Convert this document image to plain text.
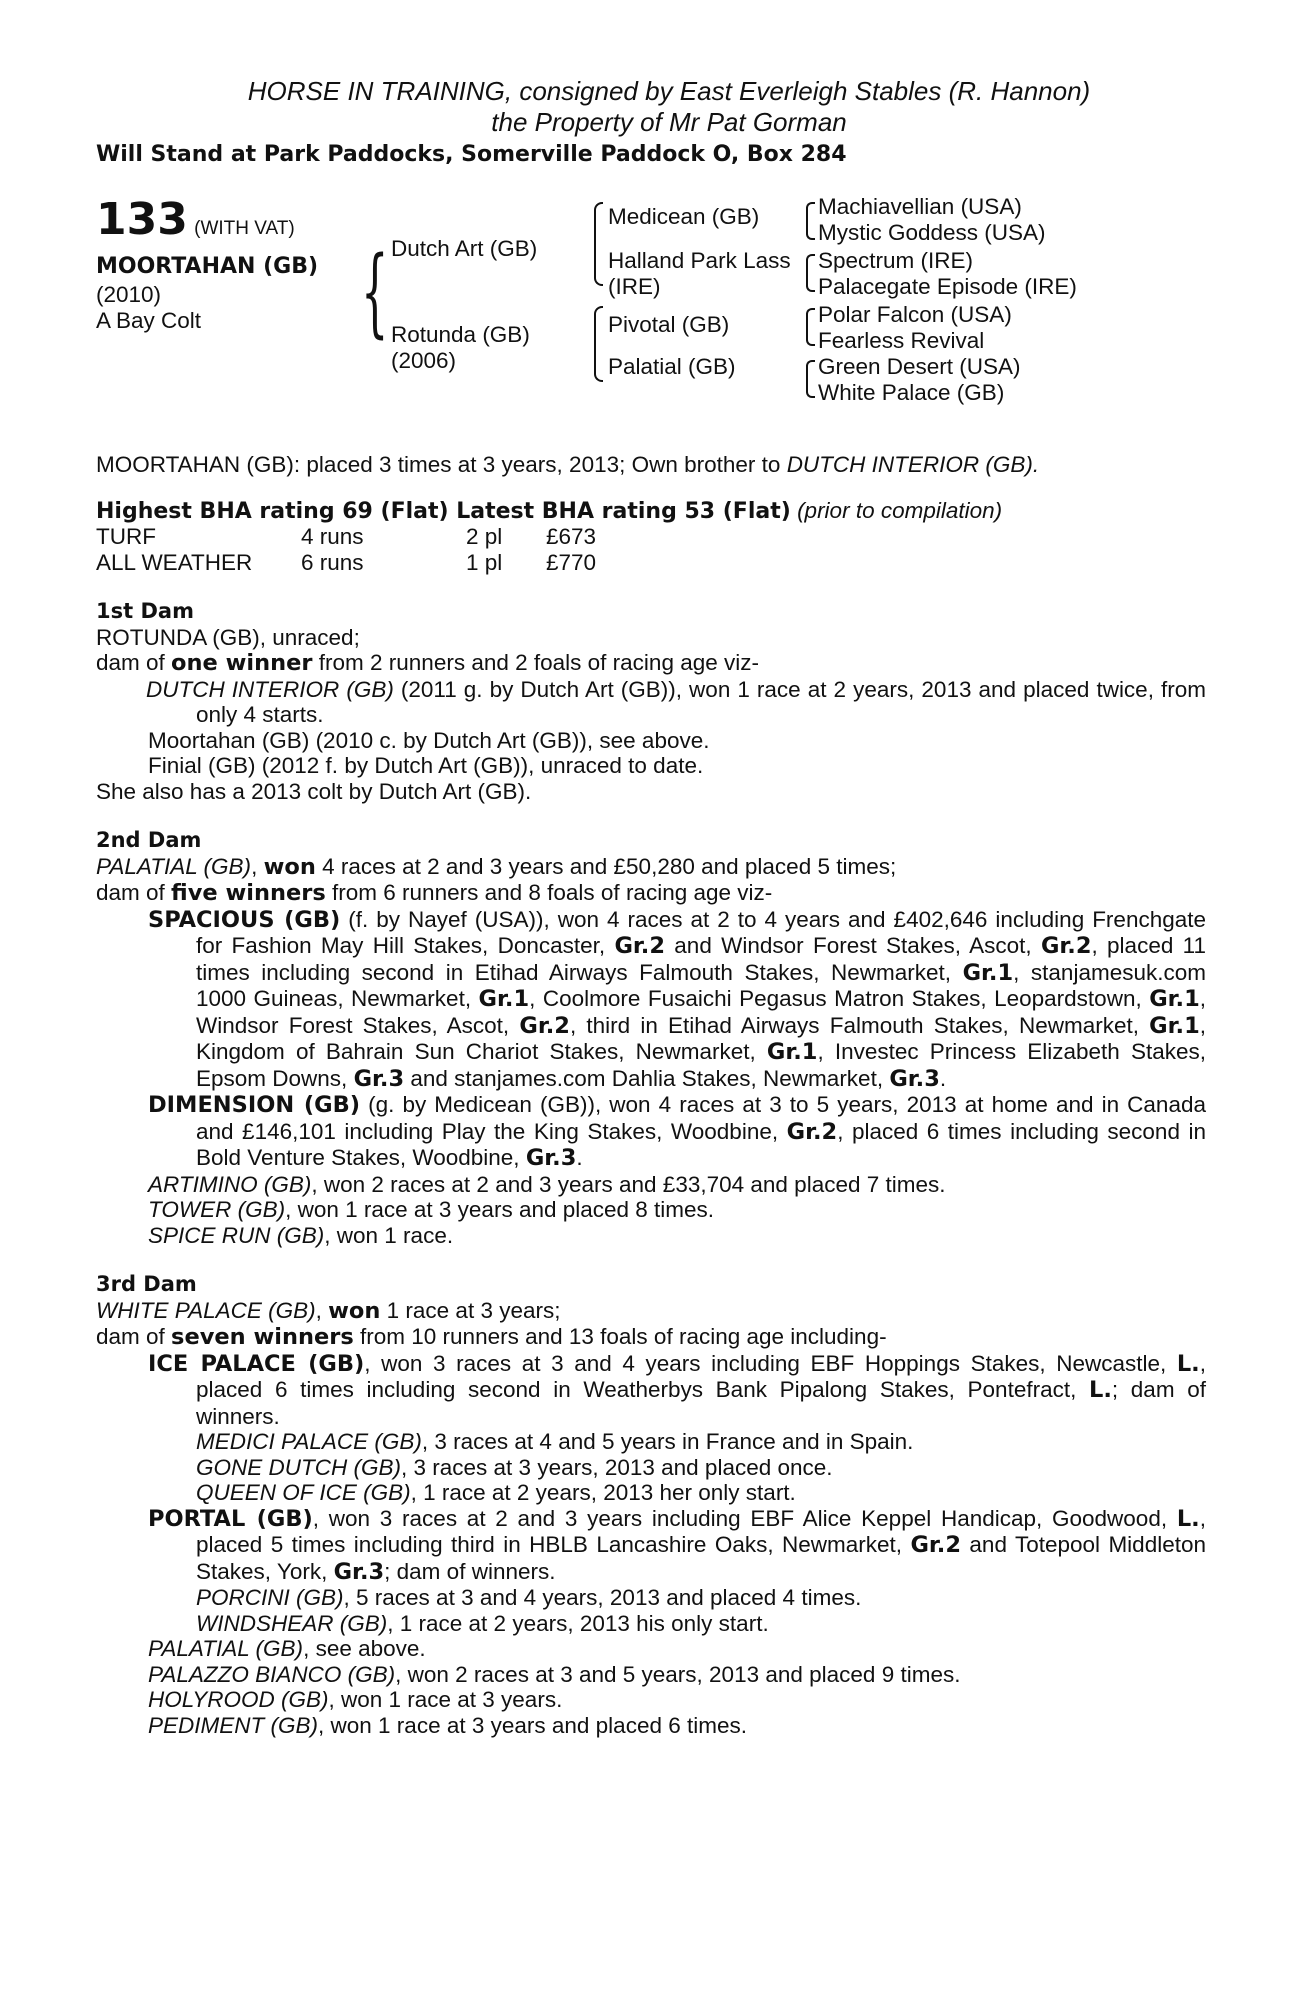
HORSE IN TRAINING, consigned by East Everleigh Stables (R. Hannon)
the Property of Mr Pat Gorman
Will Stand at Park Paddocks, Somerville Paddock O, Box 284
133 (WITH VAT)
MOORTAHAN (GB)
(2010)
A Bay Colt { Dutch Art (GB)
Rotunda (GB)
(2006)
Medicean (GB)
Halland Park Lass
(IRE)
Pivotal (GB)
Palatial (GB)
Machiavellian (USA)
Mystic Goddess (USA)
Spectrum (IRE)
Palacegate Episode (IRE)
Polar Falcon (USA)
Fearless Revival
Green Desert (USA)
White Palace (GB)
MOORTAHAN (GB): placed 3 times at 3 years, 2013; Own brother to DUTCH INTERIOR (GB).
Highest BHA rating 69 (Flat) Latest BHA rating 53 (Flat) (prior to compilation)
TURF	4 runs	2 pl	£673
ALL WEATHER	6 runs	1 pl	£770
1st Dam
ROTUNDA (GB), unraced;
dam of one winner from 2 runners and 2 foals of racing age viz-
DUTCH INTERIOR (GB) (2011 g. by Dutch Art (GB)), won 1 race at 2 years, 2013 and placed twice, from only 4 starts.
Moortahan (GB) (2010 c. by Dutch Art (GB)), see above.
Finial (GB) (2012 f. by Dutch Art (GB)), unraced to date.
She also has a 2013 colt by Dutch Art (GB).
2nd Dam
PALATIAL (GB), won 4 races at 2 and 3 years and £50,280 and placed 5 times;
dam of five winners from 6 runners and 8 foals of racing age viz-
SPACIOUS (GB) (f. by Nayef (USA)), won 4 races at 2 to 4 years and £402,646 including Frenchgate for Fashion May Hill Stakes, Doncaster, Gr.2 and Windsor Forest Stakes, Ascot, Gr.2, placed 11 times including second in Etihad Airways Falmouth Stakes, Newmarket, Gr.1, stanjamesuk.com 1000 Guineas, Newmarket, Gr.1, Coolmore Fusaichi Pegasus Matron Stakes, Leopardstown, Gr.1, Windsor Forest Stakes, Ascot, Gr.2, third in Etihad Airways Falmouth Stakes, Newmarket, Gr.1, Kingdom of Bahrain Sun Chariot Stakes, Newmarket, Gr.1, Investec Princess Elizabeth Stakes, Epsom Downs, Gr.3 and stanjames.com Dahlia Stakes, Newmarket, Gr.3.
DIMENSION (GB) (g. by Medicean (GB)), won 4 races at 3 to 5 years, 2013 at home and in Canada and £146,101 including Play the King Stakes, Woodbine, Gr.2, placed 6 times including second in Bold Venture Stakes, Woodbine, Gr.3.
ARTIMINO (GB), won 2 races at 2 and 3 years and £33,704 and placed 7 times.
TOWER (GB), won 1 race at 3 years and placed 8 times.
SPICE RUN (GB), won 1 race.
3rd Dam
WHITE PALACE (GB), won 1 race at 3 years;
dam of seven winners from 10 runners and 13 foals of racing age including-
ICE PALACE (GB), won 3 races at 3 and 4 years including EBF Hoppings Stakes, Newcastle, L., placed 6 times including second in Weatherbys Bank Pipalong Stakes, Pontefract, L.; dam of winners.
MEDICI PALACE (GB), 3 races at 4 and 5 years in France and in Spain.
GONE DUTCH (GB), 3 races at 3 years, 2013 and placed once.
QUEEN OF ICE (GB), 1 race at 2 years, 2013 her only start.
PORTAL (GB), won 3 races at 2 and 3 years including EBF Alice Keppel Handicap, Goodwood, L., placed 5 times including third in HBLB Lancashire Oaks, Newmarket, Gr.2 and Totepool Middleton Stakes, York, Gr.3; dam of winners.
PORCINI (GB), 5 races at 3 and 4 years, 2013 and placed 4 times.
WINDSHEAR (GB), 1 race at 2 years, 2013 his only start.
PALATIAL (GB), see above.
PALAZZO BIANCO (GB), won 2 races at 3 and 5 years, 2013 and placed 9 times.
HOLYROOD (GB), won 1 race at 3 years.
PEDIMENT (GB), won 1 race at 3 years and placed 6 times.
